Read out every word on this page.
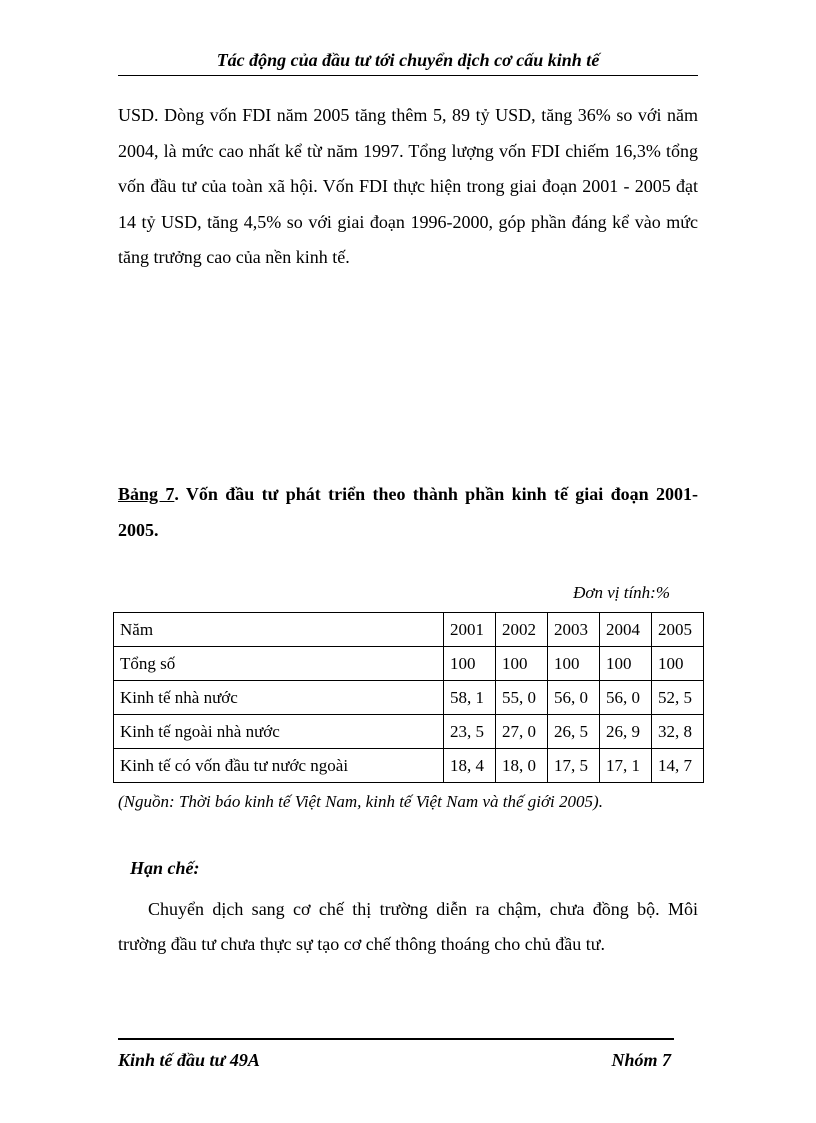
Tác động của đầu tư tới chuyển dịch cơ cấu kinh tế

USD. Dòng vốn FDI năm 2005 tăng thêm 5, 89 tỷ USD, tăng 36% so với năm 2004, là mức cao nhất kể từ năm 1997. Tổng lượng vốn FDI chiếm 16,3% tổng vốn đầu tư của toàn xã hội. Vốn FDI thực hiện trong giai đoạn 2001 - 2005 đạt 14 tỷ USD, tăng 4,5% so với giai đoạn 1996-2000, góp phần đáng kể vào mức tăng trưởng cao của nền kinh tế.

Bảng 7. Vốn đầu tư phát triển theo thành phần kinh tế giai đoạn 2001-2005.
Đơn vị tính:%
Năm	2001	2002	2003	2004	2005
Tổng số	100	100	100	100	100
Kinh tế nhà nước	58, 1	55, 0	56, 0	56, 0	52, 5
Kinh tế ngoài nhà nước	23, 5	27, 0	26, 5	26, 9	32, 8
Kinh tế có vốn đầu tư nước ngoài	18, 4	18, 0	17, 5	17, 1	14, 7
(Nguồn: Thời báo kinh tế Việt Nam, kinh tế Việt Nam và thế giới 2005).
Hạn chế:

Chuyển dịch sang cơ chế thị trường diễn ra chậm, chưa đồng bộ. Môi trường đầu tư chưa thực sự tạo cơ chế thông thoáng cho chủ đầu tư.

Kinh tế đầu tư 49A	Nhóm 7
